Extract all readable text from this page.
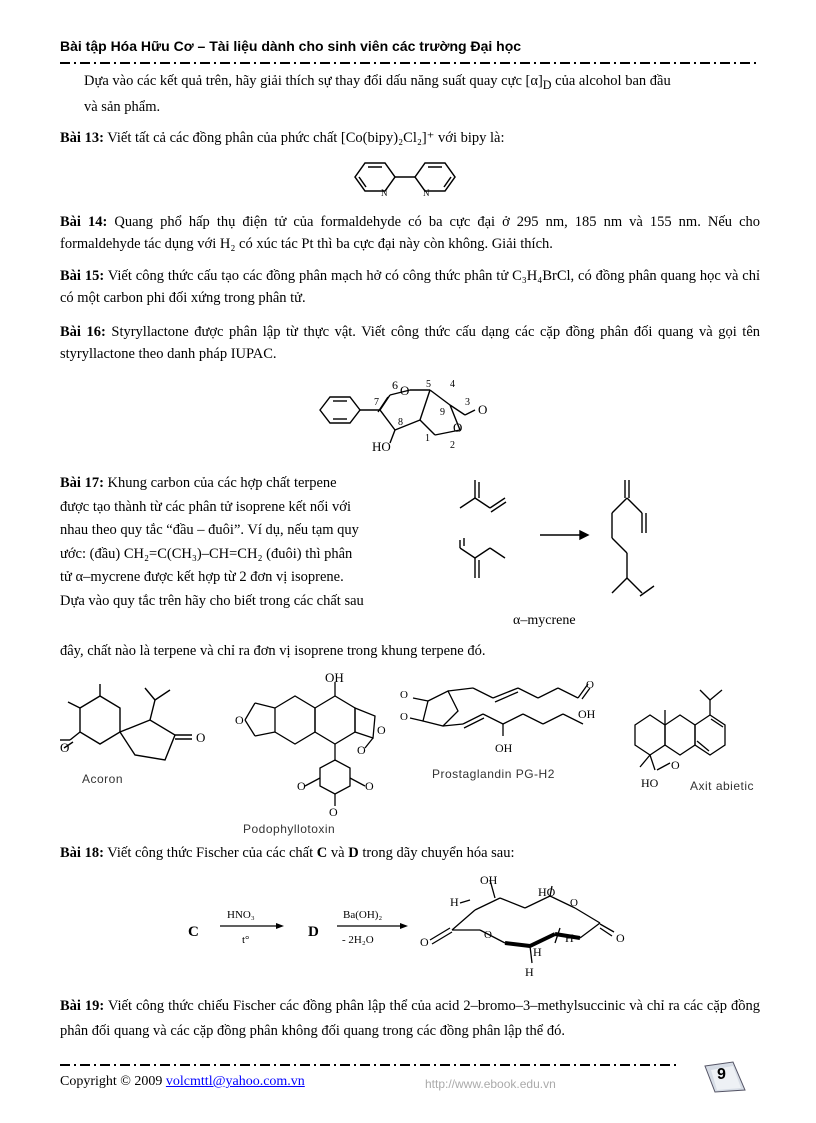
Bài tập Hóa Hữu Cơ – Tài liệu dành cho sinh viên các trường Đại học
Dựa vào các kết quả trên, hãy giải thích sự thay đổi dấu năng suất quay cực $[\alpha]_D$ của alcohol ban đầu
và sản phẩm.
Bài 13: Viết tất cả các đồng phân của phức chất [Co(bipy)₂Cl₂]⁺ với bipy là:
N	N
Bài 14: Quang phổ hấp thụ điện tử của formaldehyde có ba cực đại ở 295 nm, 185 nm và 155 nm. Nếu cho formaldehyde tác dụng với H₂ có xúc tác Pt thì ba cực đại này còn không. Giải thích.
Bài 15: Viết công thức cấu tạo các đồng phân mạch hở có công thức phân tử C₃H₄BrCl, có đồng phân quang học và chỉ có một carbon phi đối xứng trong phân tử.
Bài 16: Styryllactone được phân lập từ thực vật. Viết công thức cấu dạng các cặp đồng phân đối quang và gọi tên styryllactone theo danh pháp IUPAC.
6 O 5 4
3 O
9
8
7
1
2
O
HO
Bài 17: Khung carbon của các hợp chất terpene
được tạo thành từ các phân tử isoprene kết nối với
nhau theo quy tắc “đầu – đuôi”. Ví dụ, nếu tạm quy
ước: (đầu) CH₂=C(CH₃)–CH=CH₂ (đuôi) thì phân
tử α–mycrene được kết hợp từ 2 đơn vị isoprene.
Dựa vào quy tắc trên hãy cho biết trong các chất sau
đây, chất nào là terpene và chỉ ra đơn vị isoprene trong khung terpene đó.
α–mycrene
O
O
Acoron
OH
O
O
O
O	O
O
Podophyllotoxin
O
O
O
OH
OH
Prostaglandin PG-H2
HO
O
Axit abietic
Bài 18: Viết công thức Fischer của các chất C và D trong dãy chuyển hóa sau:
C
HNO₃
t°	D
Ba(OH)₂
- 2H₂O
OH
H
HO
O
O	O
H
H
H
O
Bài 19: Viết công thức chiếu Fischer các đồng phân lập thể của acid 2–bromo–3–methylsuccinic và chỉ ra các cặp đồng phân đối quang và các cặp đồng phân không đối quang trong các đồng phân lập thể đó.
Copyright © 2009 volcmttl@yahoo.com.vn	http://www.ebook.edu.vn
9
